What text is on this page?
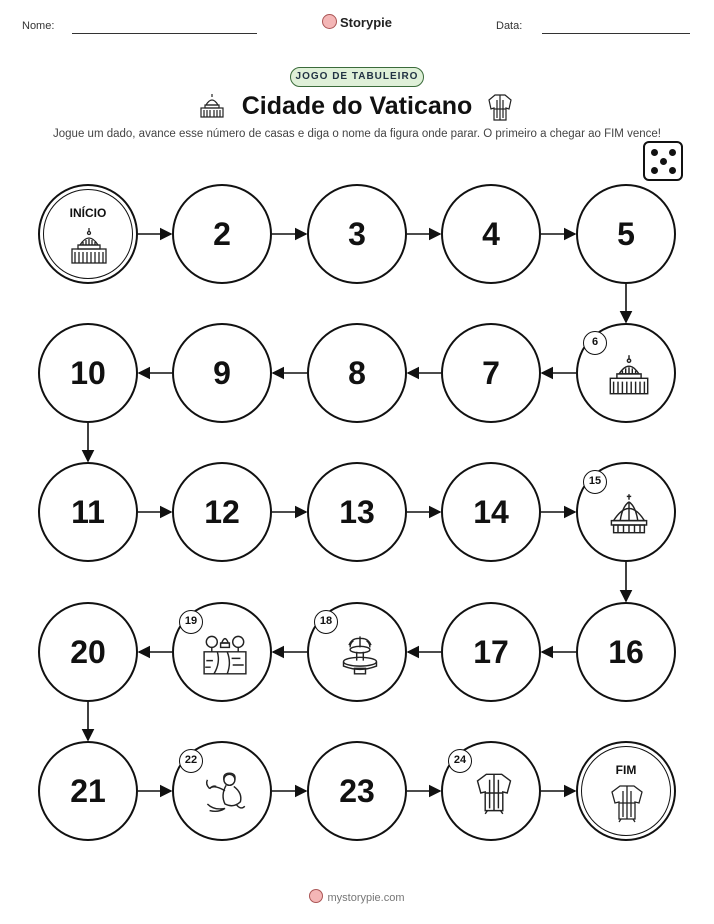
Nome:	Storypie	Data:
JOGO DE TABULEIRO
Cidade do Vaticano
Jogue um dado, avance esse número de casas e diga o nome da figura onde parar. O primeiro a chegar ao FIM vence!
INÍCIO
2	3	4	5
6
7
8
9
10
11	12	13	14
15
16
17
18
19
20
21
22
23
24
FIM
mystorypie.com
